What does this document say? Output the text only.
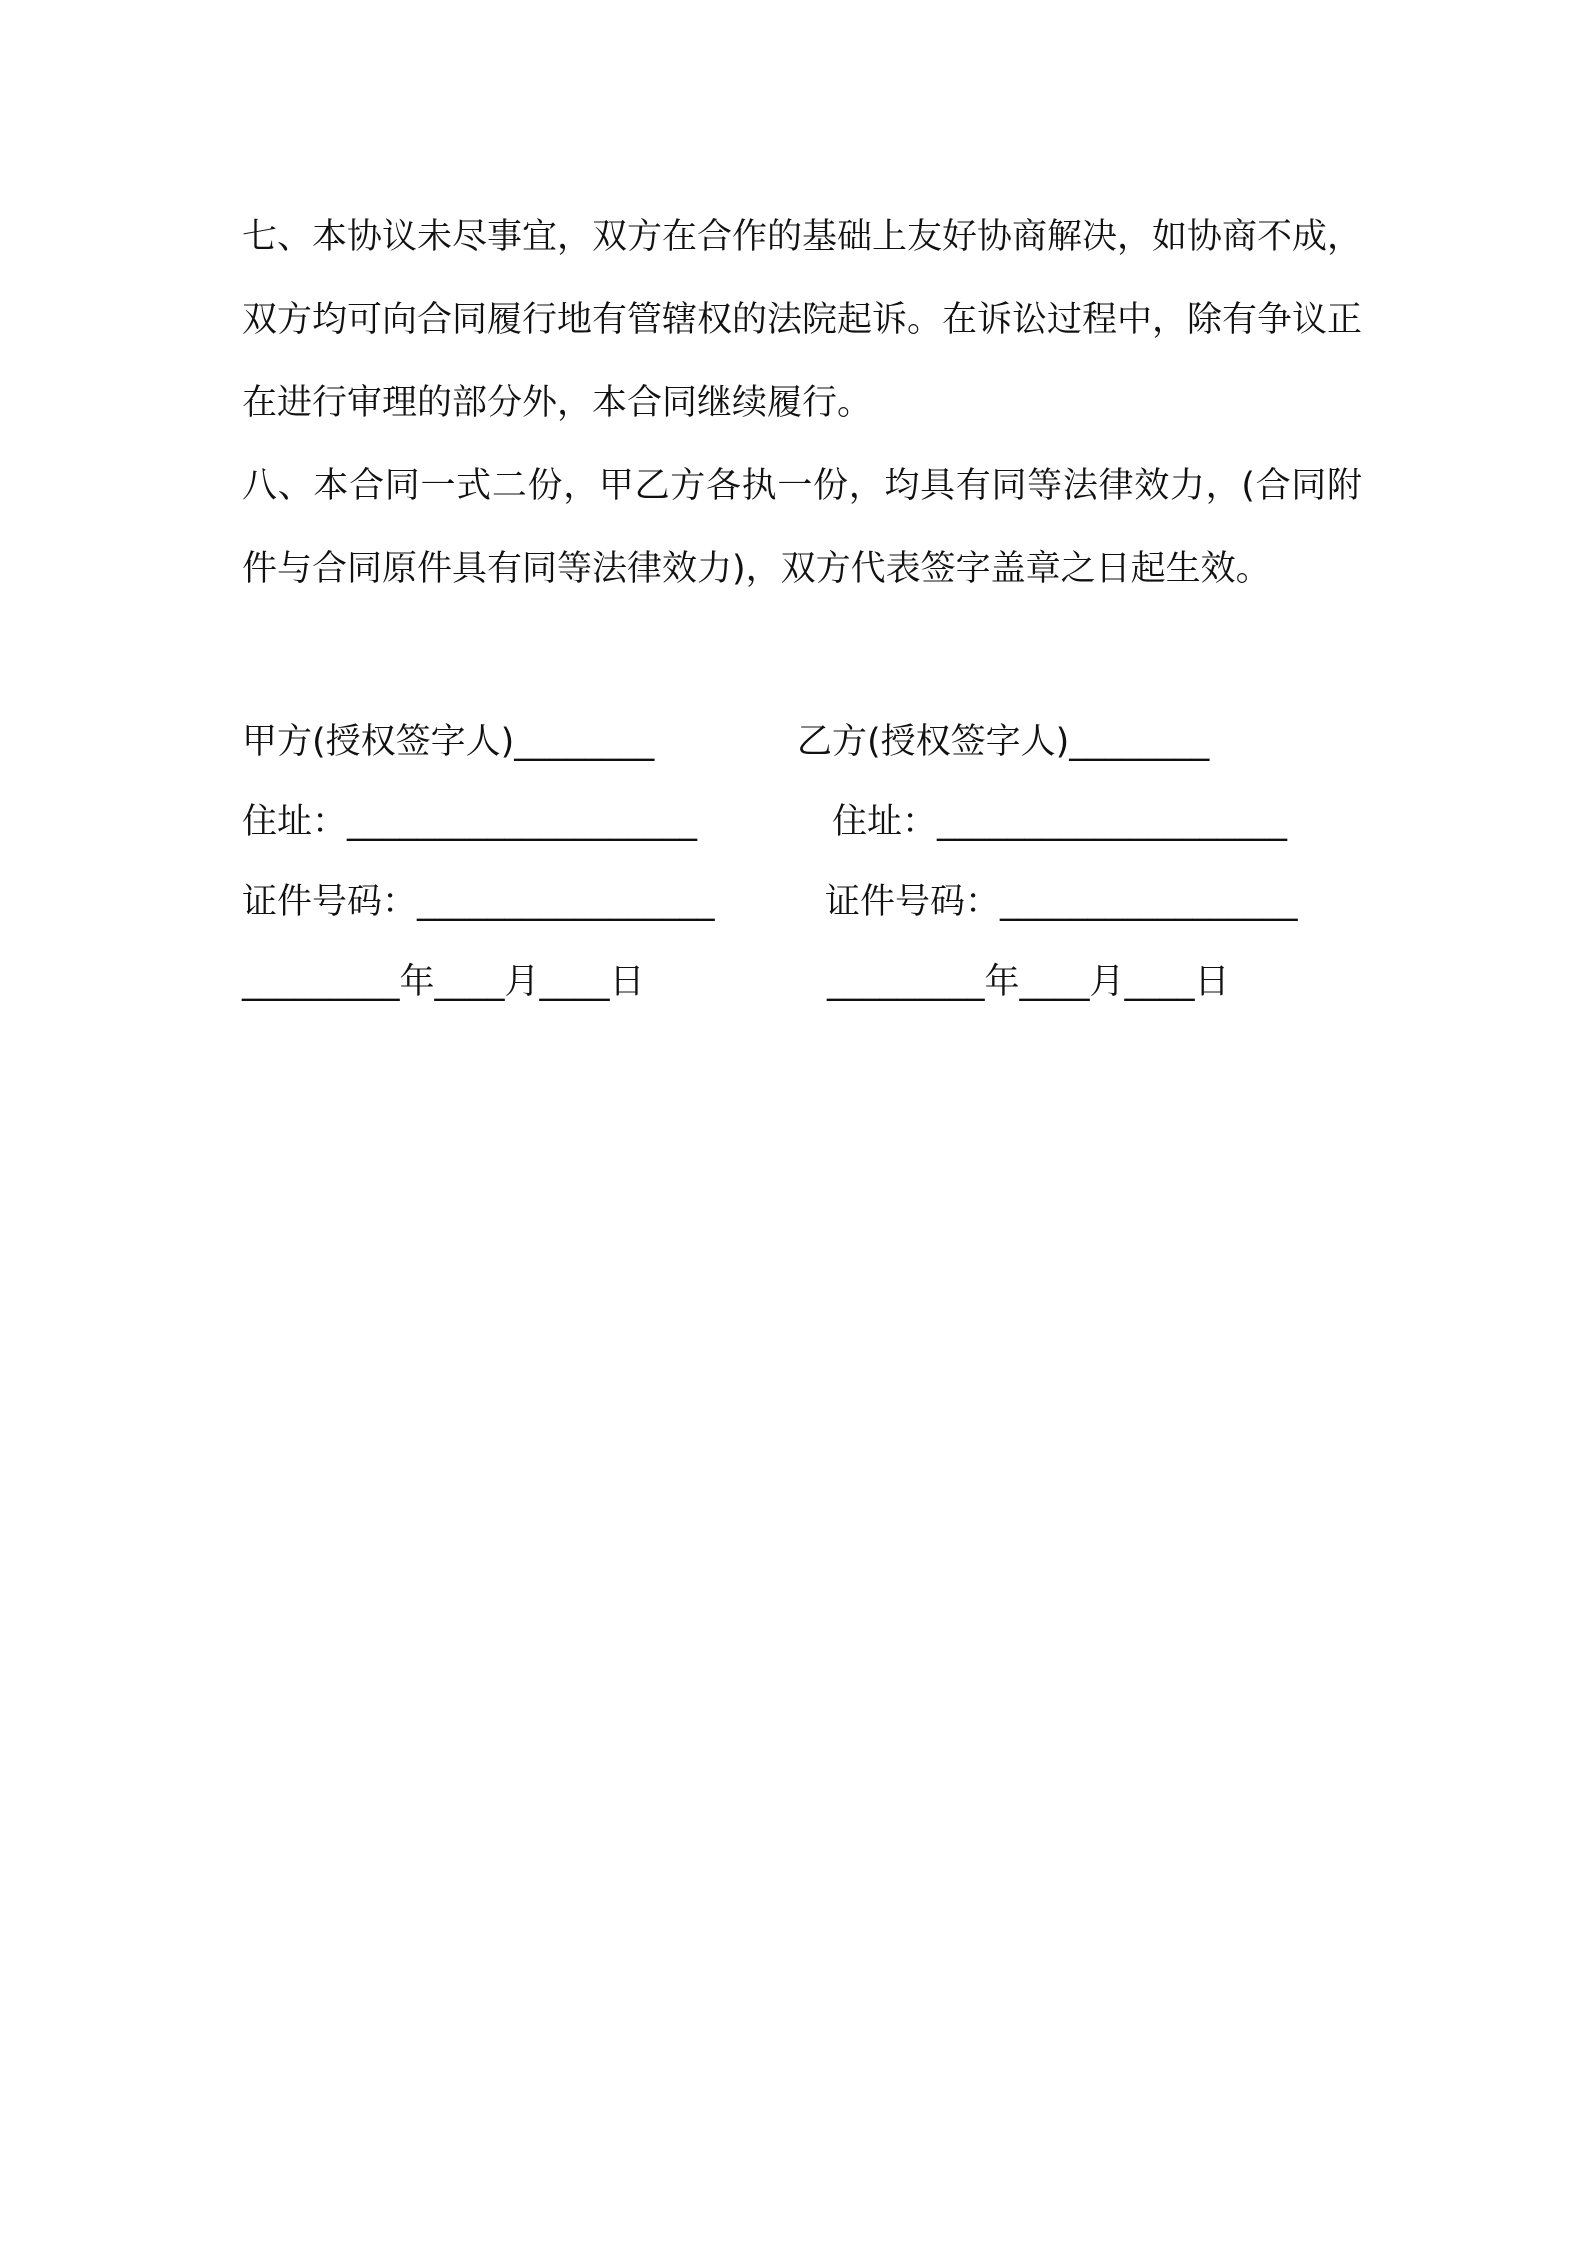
七、本协议未尽事宜，双方在合作的基础上友好协商解决，如协商不成，双方均可向合同履行地有管辖权的法院起诉。在诉讼过程中，除有争议正在进行审理的部分外，本合同继续履行。

八、本合同一式二份，甲乙方各执一份，均具有同等法律效力，(合同附件与合同原件具有同等法律效力)，双方代表签字盖章之日起生效。

甲方(授权签字人)________	乙方(授权签字人)________
住址：____________________	住址：____________________
证件号码：_________________	证件号码：_________________
_________年____月____日	_________年____月____日
